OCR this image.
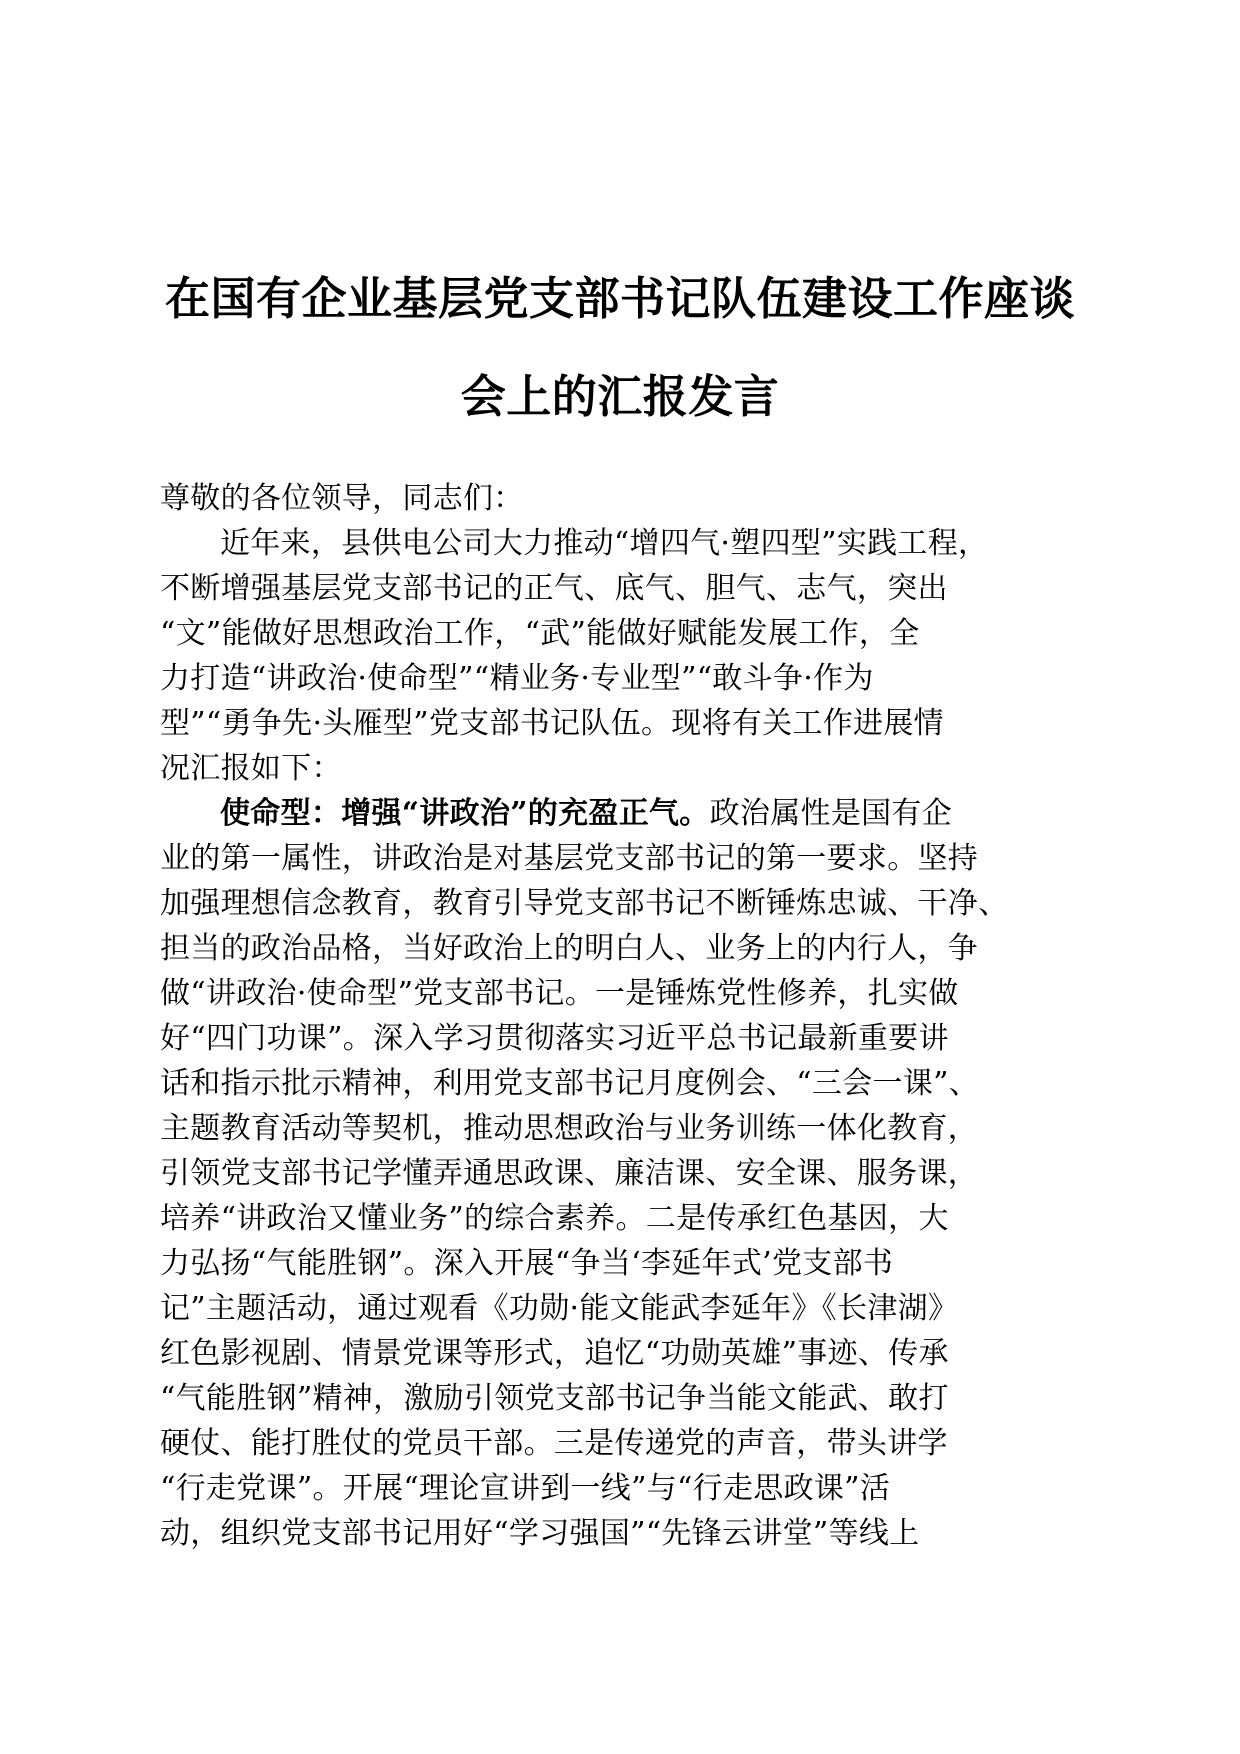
在国有企业基层党支部书记队伍建设工作座谈
会上的汇报发言
尊敬的各位领导，同志们：
近年来，县供电公司大力推动“增四气·塑四型”实践工程，
不断增强基层党支部书记的正气、底气、胆气、志气，突出
“文”能做好思想政治工作，“武”能做好赋能发展工作，全
力打造“讲政治·使命型”“精业务·专业型”“敢斗争·作为
型”“勇争先·头雁型”党支部书记队伍。现将有关工作进展情
况汇报如下：
使命型：增强“讲政治”的充盈正气。政治属性是国有企
业的第一属性，讲政治是对基层党支部书记的第一要求。坚持
加强理想信念教育，教育引导党支部书记不断锤炼忠诚、干净、
担当的政治品格，当好政治上的明白人、业务上的内行人，争
做“讲政治·使命型”党支部书记。一是锤炼党性修养，扎实做
好“四门功课”。深入学习贯彻落实习近平总书记最新重要讲
话和指示批示精神，利用党支部书记月度例会、“三会一课”、
主题教育活动等契机，推动思想政治与业务训练一体化教育，
引领党支部书记学懂弄通思政课、廉洁课、安全课、服务课，
培养“讲政治又懂业务”的综合素养。二是传承红色基因，大
力弘扬“气能胜钢”。深入开展“争当‘李延年式’党支部书
记”主题活动，通过观看《功勋·能文能武李延年》《长津湖》
红色影视剧、情景党课等形式，追忆“功勋英雄”事迹、传承
“气能胜钢”精神，激励引领党支部书记争当能文能武、敢打
硬仗、能打胜仗的党员干部。三是传递党的声音，带头讲学
“行走党课”。开展“理论宣讲到一线”与“行走思政课”活
动，组织党支部书记用好“学习强国”“先锋云讲堂”等线上
